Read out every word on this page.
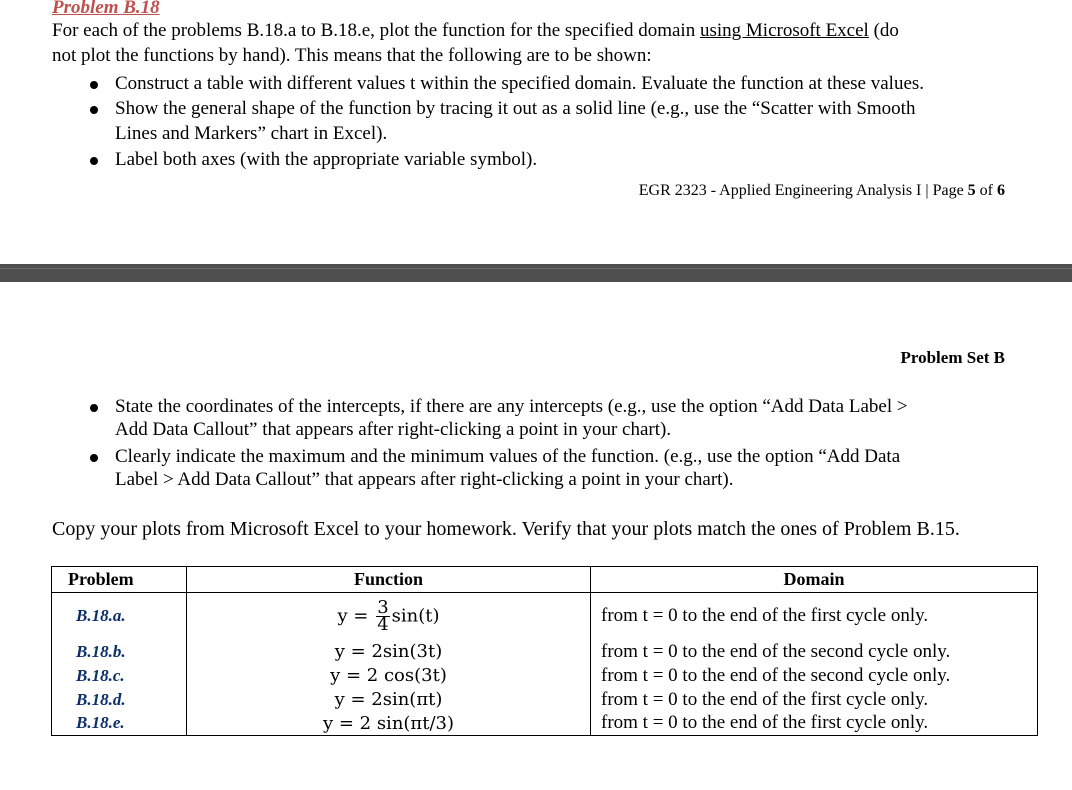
Problem B.18
For each of the problems B.18.a to B.18.e, plot the function for the specified domain using Microsoft Excel (do
not plot the functions by hand). This means that the following are to be shown:
Construct a table with different values t within the specified domain. Evaluate the function at these values.
Show the general shape of the function by tracing it out as a solid line (e.g., use the “Scatter with Smooth
Lines and Markers” chart in Excel).
Label both axes (with the appropriate variable symbol).
EGR 2323 - Applied Engineering Analysis I | Page 5 of 6
Problem Set B
State the coordinates of the intercepts, if there are any intercepts (e.g., use the option “Add Data Label >
Add Data Callout” that appears after right-clicking a point in your chart).
Clearly indicate the maximum and the minimum values of the function. (e.g., use the option “Add Data
Label > Add Data Callout” that appears after right-clicking a point in your chart).
Copy your plots from Microsoft Excel to your homework. Verify that your plots match the ones of Problem B.15.
Problem	Function	Domain
B.18.a.	$y = \frac{3}{4} \sin(t)$	from t = 0 to the end of the first cycle only.
B.18.b.	y = 2sin(3t)	from t = 0 to the end of the second cycle only.
B.18.c.	y = 2 cos(3t)	from t = 0 to the end of the second cycle only.
B.18.d.	y = 2sin(πt)	from t = 0 to the end of the first cycle only.
B.18.e.	y = 2 sin(πt/3)	from t = 0 to the end of the first cycle only.
